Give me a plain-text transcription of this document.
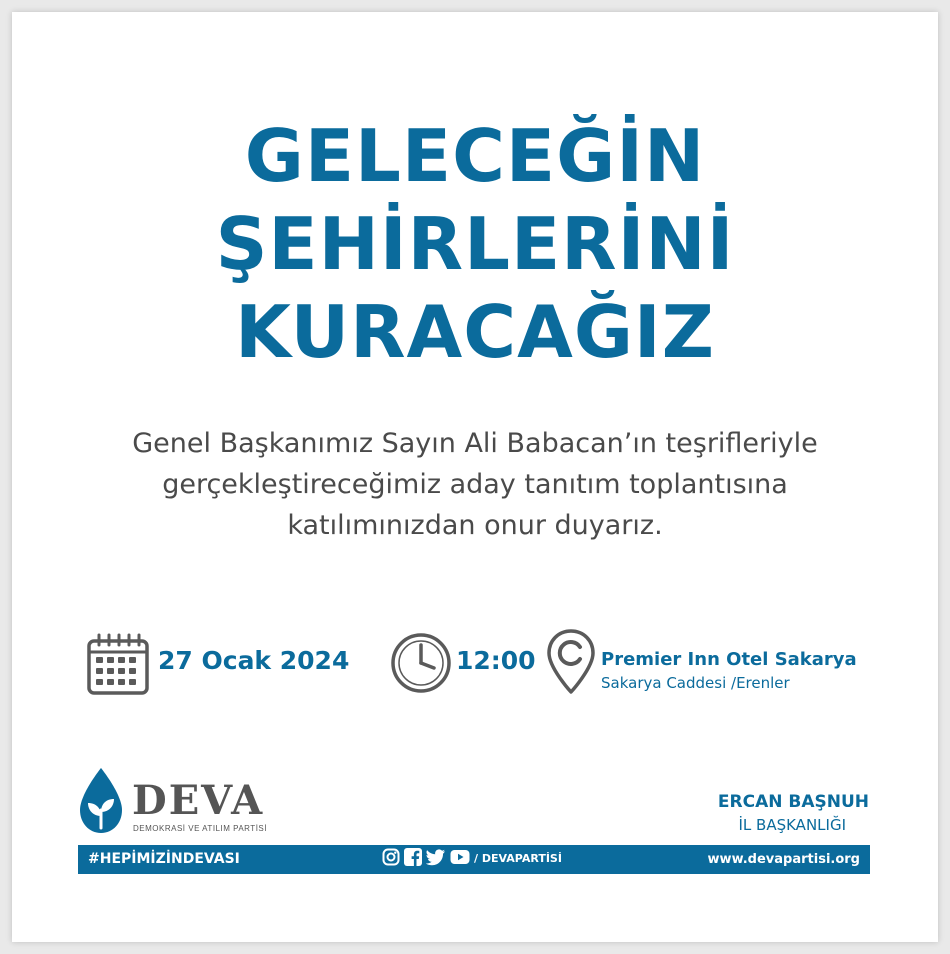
GELECEĞİN
ŞEHİRLERİNİ
KURACAĞIZ
Genel Başkanımız Sayın Ali Babacan’ın teşrifleriyle
gerçekleştireceğimiz aday tanıtım toplantısına
katılımınızdan onur duyarız.
27 Ocak 2024	12:00	Premier Inn Otel Sakarya
Sakarya Caddesi /Erenler
DEVA
DEMOKRASİ VE ATILIM PARTİSİ
ERCAN BAŞNUH
İL BAŞKANLIĞI
#HEPİMİZİNDEVASI	/ DEVAPARTİSİ	www.devapartisi.org
